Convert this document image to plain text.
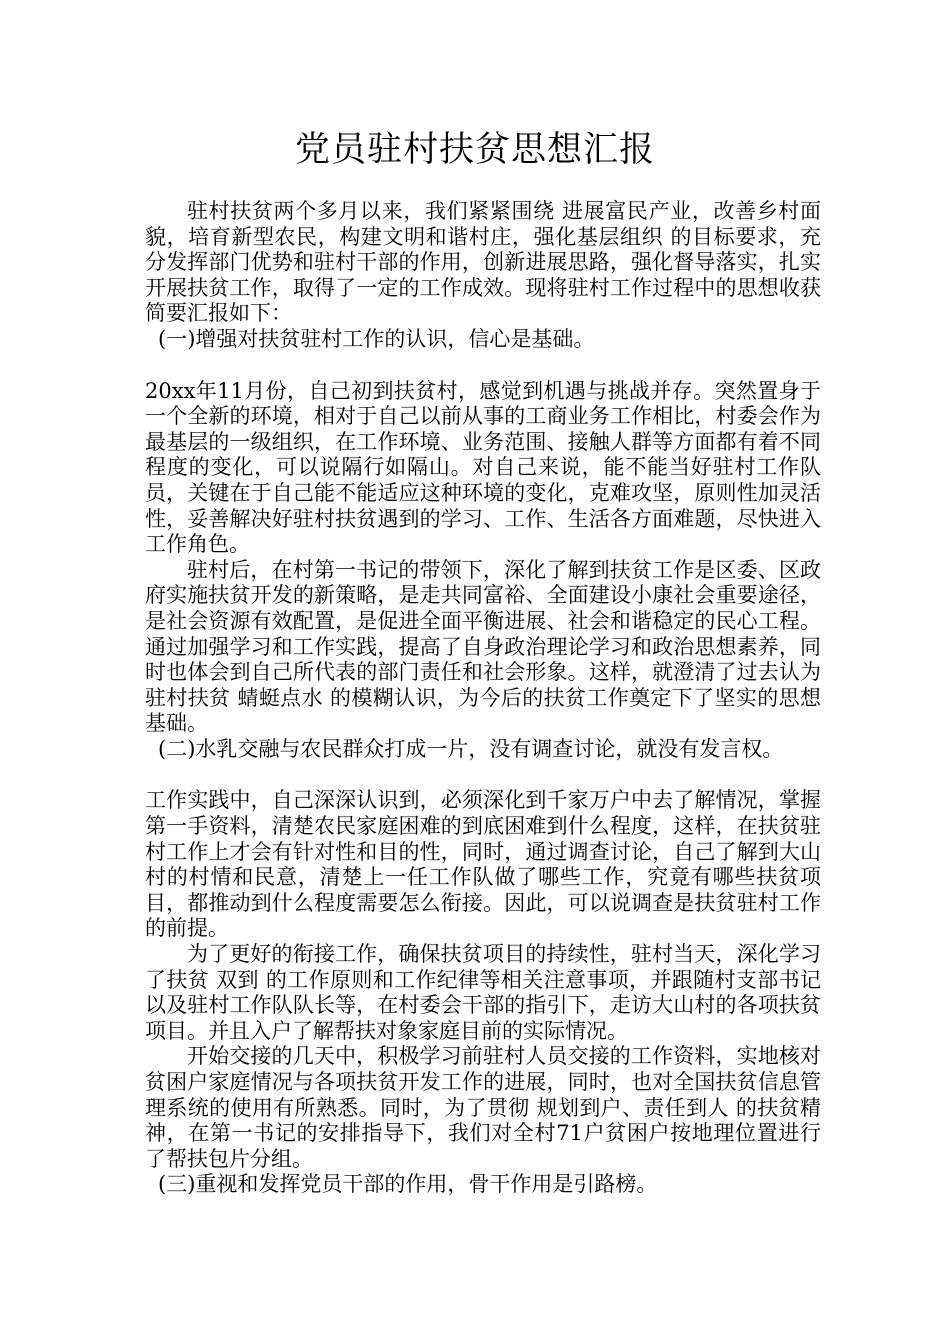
党员驻村扶贫思想汇报

驻村扶贫两个多月以来，我们紧紧围绕 进展富民产业，改善乡村面貌，培育新型农民，构建文明和谐村庄，强化基层组织 的目标要求，充分发挥部门优势和驻村干部的作用，创新进展思路，强化督导落实，扎实开展扶贫工作，取得了一定的工作成效。现将驻村工作过程中的思想收获简要汇报如下：

(一)增强对扶贫驻村工作的认识，信心是基础。

20xx年11月份，自己初到扶贫村，感觉到机遇与挑战并存。突然置身于一个全新的环境，相对于自己以前从事的工商业务工作相比，村委会作为最基层的一级组织，在工作环境、业务范围、接触人群等方面都有着不同程度的变化，可以说隔行如隔山。对自己来说，能不能当好驻村工作队员，关键在于自己能不能适应这种环境的变化，克难攻坚，原则性加灵活性，妥善解决好驻村扶贫遇到的学习、工作、生活各方面难题，尽快进入工作角色。

驻村后，在村第一书记的带领下，深化了解到扶贫工作是区委、区政府实施扶贫开发的新策略，是走共同富裕、全面建设小康社会重要途径，是社会资源有效配置，是促进全面平衡进展、社会和谐稳定的民心工程。通过加强学习和工作实践，提高了自身政治理论学习和政治思想素养，同时也体会到自己所代表的部门责任和社会形象。这样，就澄清了过去认为驻村扶贫 蜻蜓点水 的模糊认识，为今后的扶贫工作奠定下了坚实的思想基础。

(二)水乳交融与农民群众打成一片，没有调查讨论，就没有发言权。

工作实践中，自己深深认识到，必须深化到千家万户中去了解情况，掌握第一手资料，清楚农民家庭困难的到底困难到什么程度，这样，在扶贫驻村工作上才会有针对性和目的性，同时，通过调查讨论，自己了解到大山村的村情和民意，清楚上一任工作队做了哪些工作，究竟有哪些扶贫项目，都推动到什么程度需要怎么衔接。因此，可以说调查是扶贫驻村工作的前提。

为了更好的衔接工作，确保扶贫项目的持续性，驻村当天，深化学习了扶贫 双到 的工作原则和工作纪律等相关注意事项，并跟随村支部书记以及驻村工作队队长等，在村委会干部的指引下，走访大山村的各项扶贫项目。并且入户了解帮扶对象家庭目前的实际情况。

开始交接的几天中，积极学习前驻村人员交接的工作资料，实地核对贫困户家庭情况与各项扶贫开发工作的进展，同时，也对全国扶贫信息管理系统的使用有所熟悉。同时，为了贯彻 规划到户、责任到人 的扶贫精神，在第一书记的安排指导下，我们对全村71户贫困户按地理位置进行了帮扶包片分组。

(三)重视和发挥党员干部的作用，骨干作用是引路榜。
